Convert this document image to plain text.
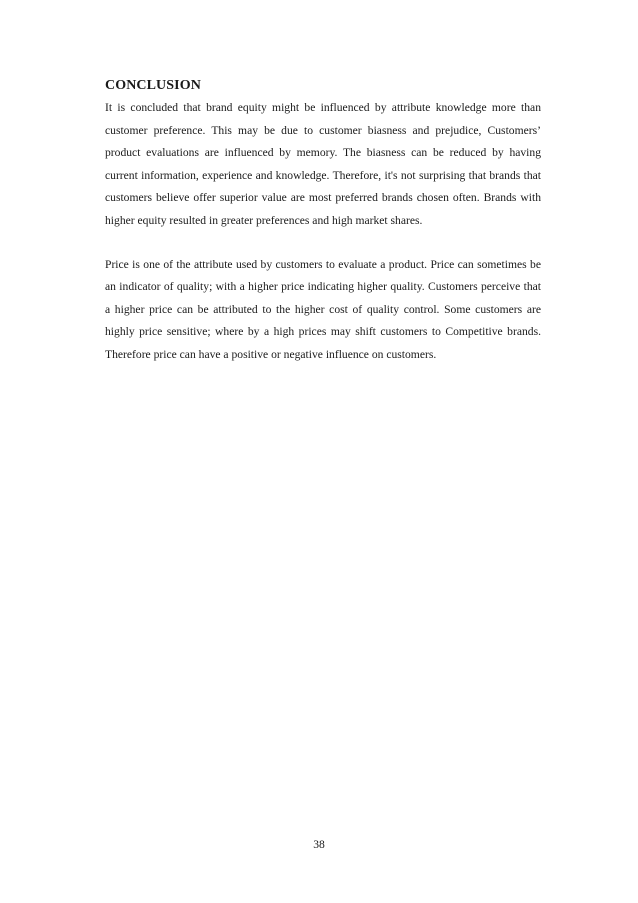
CONCLUSION

It is concluded that brand equity might be influenced by attribute knowledge more than customer preference. This may be due to customer biasness and prejudice, Customers’ product evaluations are influenced by memory. The biasness can be reduced by having current information, experience and knowledge. Therefore, it's not surprising that brands that customers believe offer superior value are most preferred brands chosen often. Brands with higher equity resulted in greater preferences and high market shares.

Price is one of the attribute used by customers to evaluate a product. Price can sometimes be an indicator of quality; with a higher price indicating higher quality. Customers perceive that a higher price can be attributed to the higher cost of quality control. Some customers are highly price sensitive; where by a high prices may shift customers to Competitive brands. Therefore price can have a positive or negative influence on customers.

38
